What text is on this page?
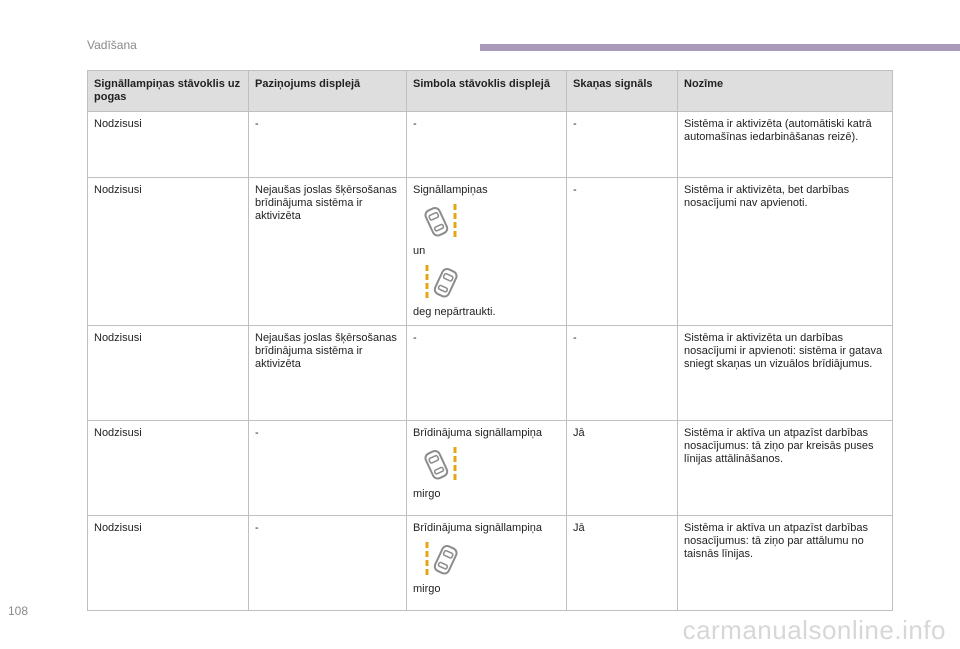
Vadīšana
Signāllampiņas stāvoklis uz pogas	Paziņojums displejā	Simbola stāvoklis displejā	Skaņas signāls	Nozīme
Nodzisusi	-	-	-	Sistēma ir aktivizēta (automātiski katrā automašīnas iedarbināšanas reizē).
Nodzisusi	Nejaušas joslas šķērsošanas brīdinājuma sistēma ir aktivizēta	Signāllampiņas
un
deg nepārtraukti.	-	Sistēma ir aktivizēta, bet darbības nosacījumi nav apvienoti.
Nodzisusi	Nejaušas joslas šķērsošanas brīdinājuma sistēma ir aktivizēta	-	-	Sistēma ir aktivizēta un darbības nosacījumi ir apvienoti: sistēma ir gatava sniegt skaņas un vizuālos brīdiājumus.
Nodzisusi	-	Brīdinājuma signāllampiņa
mirgo	Jā	Sistēma ir aktīva un atpazīst darbības nosacījumus: tā ziņo par kreisās puses līnijas attālināšanos.
Nodzisusi	-	Brīdinājuma signāllampiņa
mirgo	Jā	Sistēma ir aktīva un atpazīst darbības nosacījumus: tā ziņo par attālumu no taisnās līnijas.
108
carmanualsonline.info
